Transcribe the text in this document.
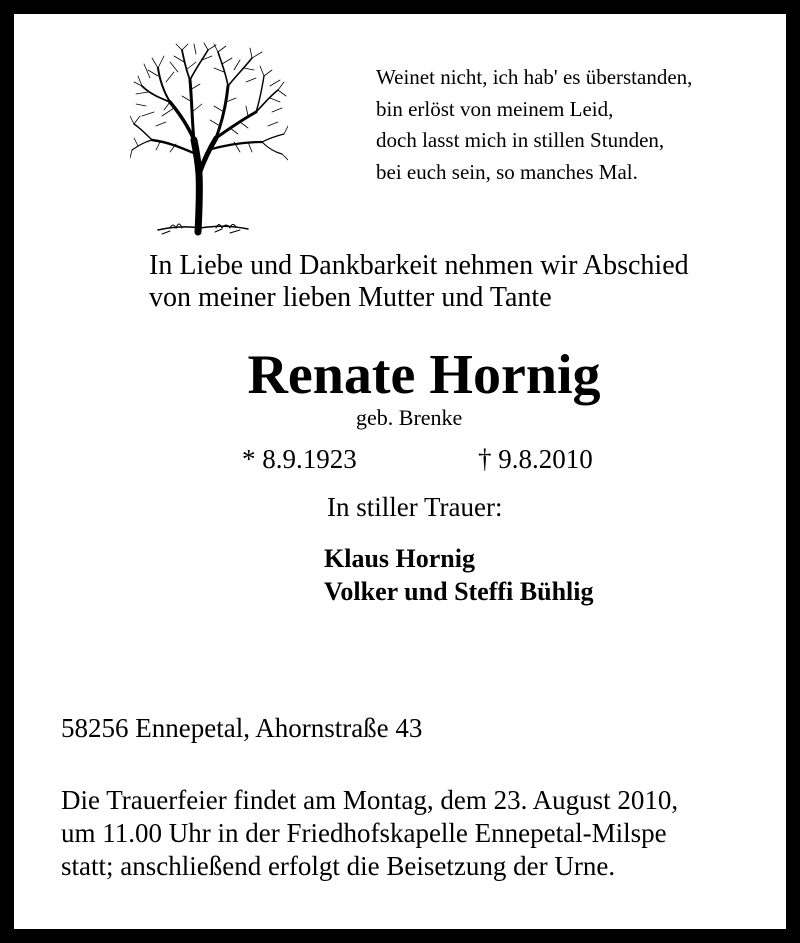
Weinet nicht, ich hab' es überstanden,
bin erlöst von meinem Leid,
doch lasst mich in stillen Stunden,
bei euch sein, so manches Mal.
In Liebe und Dankbarkeit nehmen wir Abschied
von meiner lieben Mutter und Tante
Renate Hornig
geb. Brenke
* 8.9.1923	† 9.8.2010
In stiller Trauer:
Klaus Hornig
Volker und Steffi Bühlig
58256 Ennepetal, Ahornstraße 43
Die Trauerfeier findet am Montag, dem 23. August 2010,
um 11.00 Uhr in der Friedhofskapelle Ennepetal-Milspe
statt; anschließend erfolgt die Beisetzung der Urne.
